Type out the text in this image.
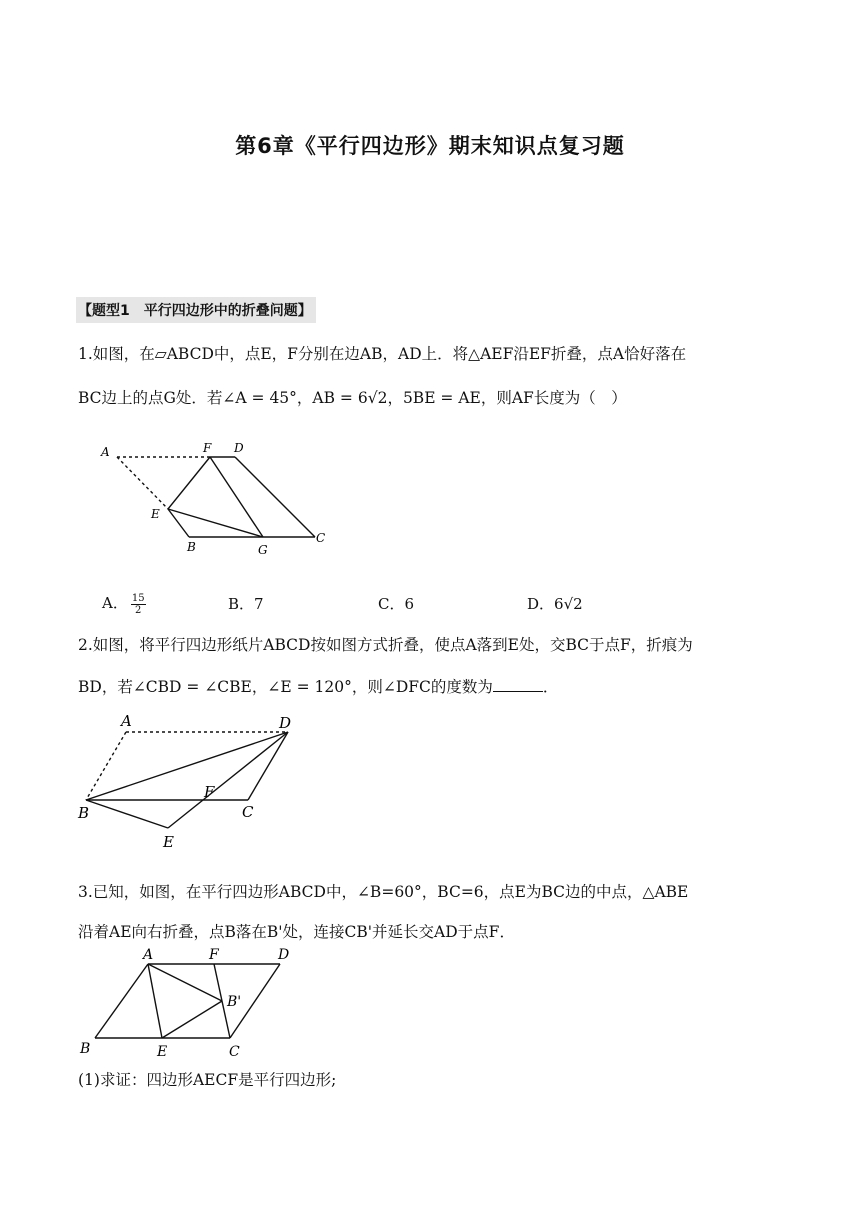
第6章《平行四边形》期末知识点复习题
【题型1　平行四边形中的折叠问题】
1.如图，在▱ABCD中，点E，F分别在边AB，AD上．将△AEF沿EF折叠，点A恰好落在
BC边上的点G处．若∠A = 45°，AB = 6√2，5BE = AE，则AF长度为（　）
A	F D
E
B	G
C
A． $\frac{15}{2}$	B．7	C．6	D．6√2
2.如图，将平行四边形纸片ABCD按如图方式折叠，使点A落到E处，交BC于点F，折痕为
BD，若∠CBD = ∠CBE，∠E = 120°，则∠DFC的度数为	．
A	D
B
F
C
E
3.已知，如图，在平行四边形ABCD中，∠B=60°，BC=6，点E为BC边的中点，△ABE
沿着AE向右折叠，点B落在B'处，连接CB'并延长交AD于点F．
A	F	D
B'
B	E	C
(1)求证：四边形AECF是平行四边形;
